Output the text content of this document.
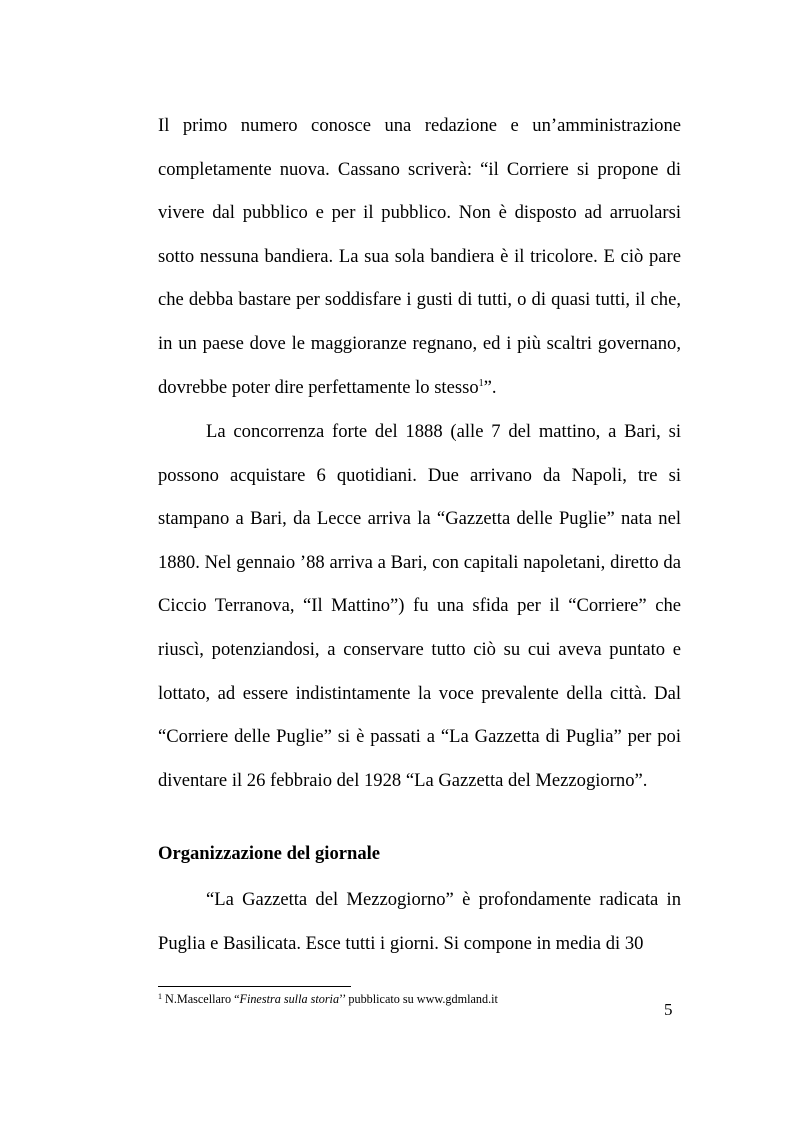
Il primo numero conosce una redazione e un’amministrazione completamente nuova. Cassano scriverà: “il Corriere si propone di vivere dal pubblico e per il pubblico. Non è disposto ad arruolarsi sotto nessuna bandiera. La sua sola bandiera è il tricolore. E ciò pare che debba bastare per soddisfare i gusti di tutti, o di quasi tutti, il che, in un paese dove le maggioranze regnano, ed i più scaltri governano, dovrebbe poter dire perfettamente lo stesso$^1$”.

La concorrenza forte del 1888 (alle 7 del mattino, a Bari, si possono acquistare 6 quotidiani. Due arrivano da Napoli, tre si stampano a Bari, da Lecce arriva la “Gazzetta delle Puglie” nata nel 1880. Nel gennaio ’88 arriva a Bari, con capitali napoletani, diretto da Ciccio Terranova, “Il Mattino”) fu una sfida per il “Corriere” che riuscì, potenziandosi, a conservare tutto ciò su cui aveva puntato e lottato, ad essere indistintamente la voce prevalente della città. Dal “Corriere delle Puglie” si è passati a “La Gazzetta di Puglia” per poi diventare il 26 febbraio del 1928 “La Gazzetta del Mezzogiorno”.

Organizzazione del giornale

“La Gazzetta del Mezzogiorno” è profondamente radicata in Puglia e Basilicata. Esce tutti i giorni. Si compone in media di 30

$^1$ N.Mascellaro “Finestra sulla storia’’ pubblicato su www.gdmland.it
5
